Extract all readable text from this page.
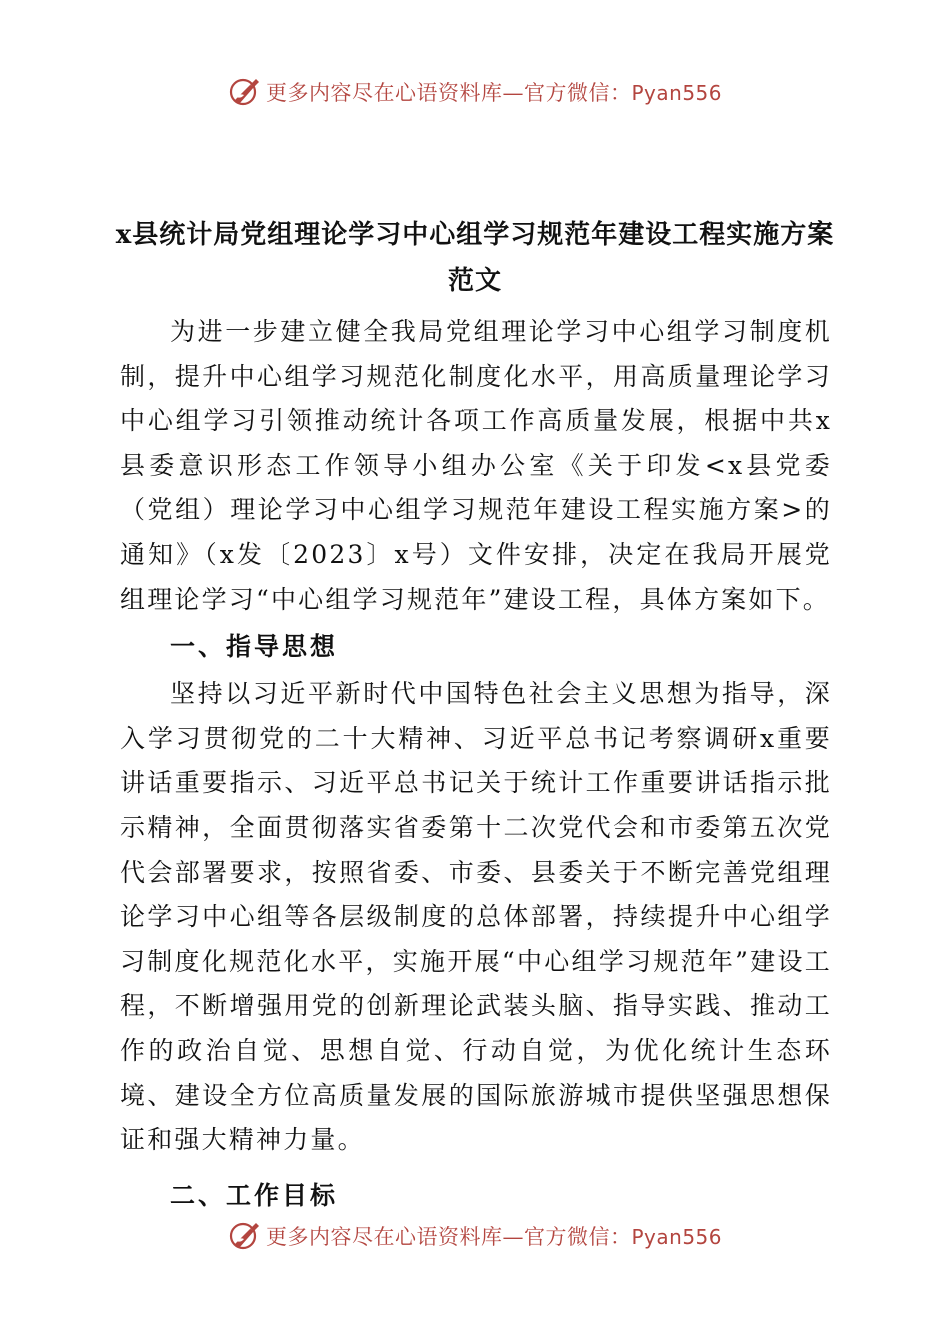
更多内容尽在心语资料库—官方微信：Pyan556
x县统计局党组理论学习中心组学习规范年建设工程实施方案
范文

为进一步建立健全我局党组理论学习中心组学习制度机制，提升中心组学习规范化制度化水平，用高质量理论学习中心组学习引领推动统计各项工作高质量发展，根据中共x县委意识形态工作领导小组办公室《关于印发<x县党委（党组）理论学习中心组学习规范年建设工程实施方案>的通知》（x发〔2023〕x号）文件安排，决定在我局开展党组理论学习“中心组学习规范年”建设工程，具体方案如下。

一、指导思想

坚持以习近平新时代中国特色社会主义思想为指导，深入学习贯彻党的二十大精神、习近平总书记考察调研x重要讲话重要指示、习近平总书记关于统计工作重要讲话指示批示精神，全面贯彻落实省委第十二次党代会和市委第五次党代会部署要求，按照省委、市委、县委关于不断完善党组理论学习中心组等各层级制度的总体部署，持续提升中心组学习制度化规范化水平，实施开展“中心组学习规范年”建设工程，不断增强用党的创新理论武装头脑、指导实践、推动工作的政治自觉、思想自觉、行动自觉，为优化统计生态环境、建设全方位高质量发展的国际旅游城市提供坚强思想保证和强大精神力量。

二、工作目标
更多内容尽在心语资料库—官方微信：Pyan556
